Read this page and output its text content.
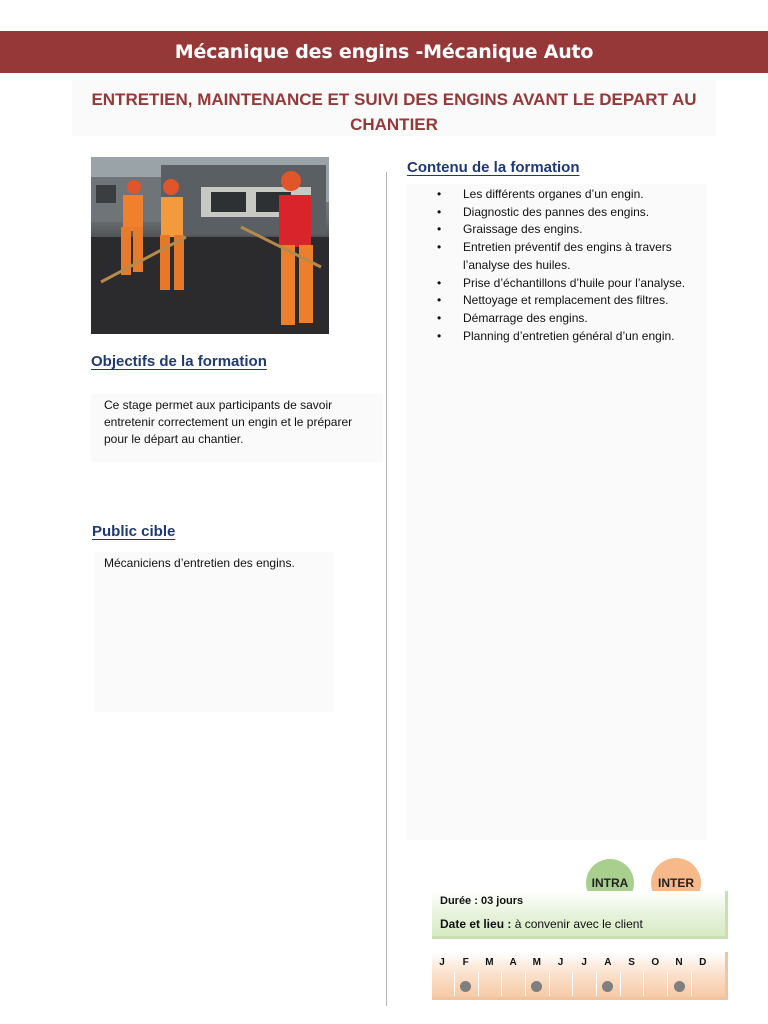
Mécanique des engins -Mécanique Auto
ENTRETIEN, MAINTENANCE ET SUIVI DES ENGINS AVANT LE DEPART AU CHANTIER
Objectifs de la formation
Ce stage permet aux participants de savoir entretenir correctement un engin et le préparer pour le départ au chantier.
Public cible
Mécaniciens d’entretien des engins.
Contenu de la formation
• Les différents organes d’un engin.
• Diagnostic des pannes des engins.
• Graissage des engins.
• Entretien préventif des engins à travers l’analyse des huiles.
• Prise d’échantillons d’huile pour l’analyse.
• Nettoyage et remplacement des filtres.
• Démarrage des engins.
• Planning d’entretien général d’un engin.
INTRA	INTER
Durée : 03 jours
Date et lieu : à convenir avec le client
J	F	M	A	M	J	J	A	S	O	N	D
